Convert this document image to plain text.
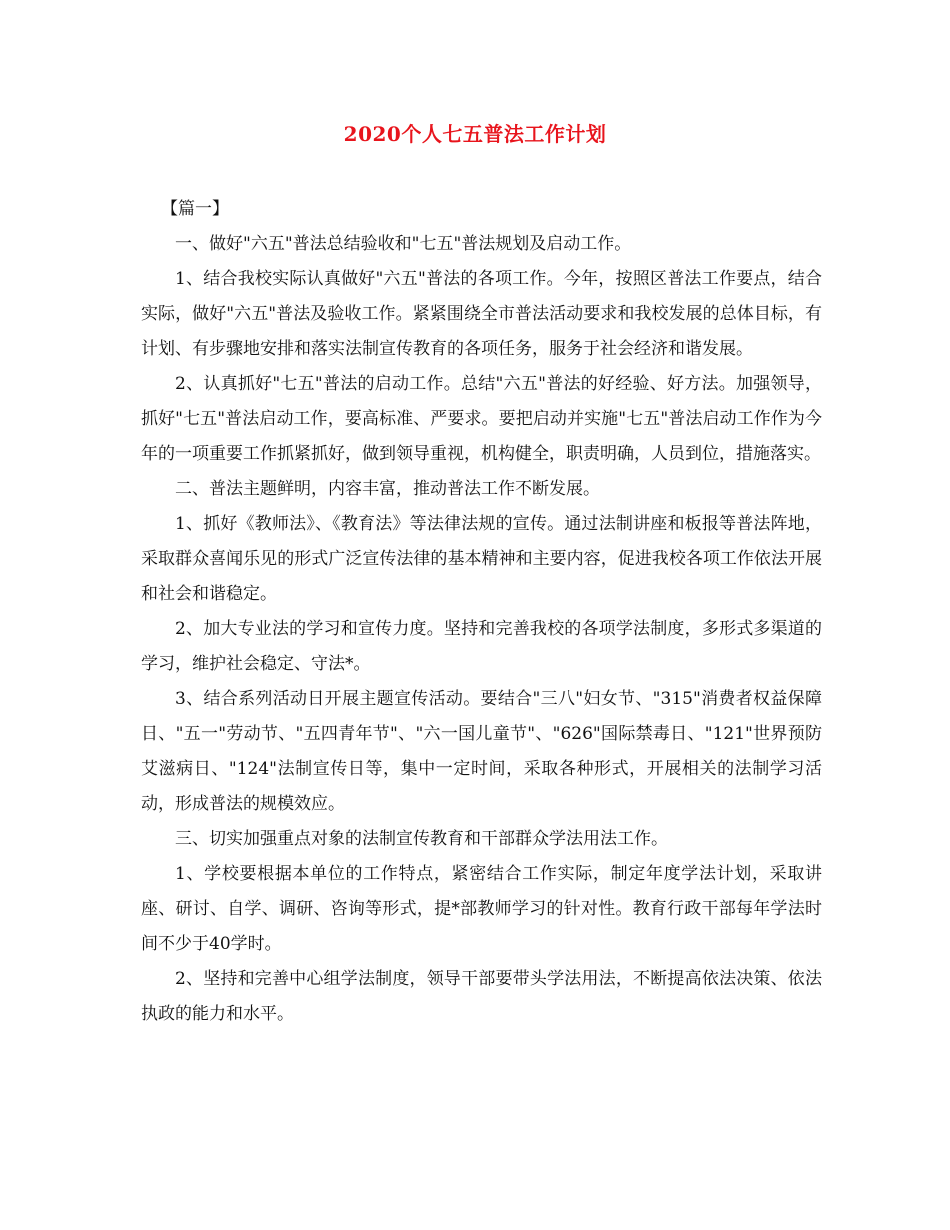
2020个人七五普法工作计划

【篇一】

一、做好"六五"普法总结验收和"七五"普法规划及启动工作。

1、结合我校实际认真做好"六五"普法的各项工作。今年，按照区普法工作要点，结合实际，做好"六五"普法及验收工作。紧紧围绕全市普法活动要求和我校发展的总体目标，有计划、有步骤地安排和落实法制宣传教育的各项任务，服务于社会经济和谐发展。

2、认真抓好"七五"普法的启动工作。总结"六五"普法的好经验、好方法。加强领导，抓好"七五"普法启动工作，要高标准、严要求。要把启动并实施"七五"普法启动工作作为今年的一项重要工作抓紧抓好，做到领导重视，机构健全，职责明确，人员到位，措施落实。

二、普法主题鲜明，内容丰富，推动普法工作不断发展。

1、抓好《教师法》、《教育法》等法律法规的宣传。通过法制讲座和板报等普法阵地，采取群众喜闻乐见的形式广泛宣传法律的基本精神和主要内容，促进我校各项工作依法开展和社会和谐稳定。

2、加大专业法的学习和宣传力度。坚持和完善我校的各项学法制度，多形式多渠道的学习，维护社会稳定、守法*。

3、结合系列活动日开展主题宣传活动。要结合"三八"妇女节、"315"消费者权益保障日、"五一"劳动节、"五四青年节"、"六一国儿童节"、"626"国际禁毒日、"121"世界预防艾滋病日、"124"法制宣传日等，集中一定时间，采取各种形式，开展相关的法制学习活动，形成普法的规模效应。

三、切实加强重点对象的法制宣传教育和干部群众学法用法工作。

1、学校要根据本单位的工作特点，紧密结合工作实际，制定年度学法计划，采取讲座、研讨、自学、调研、咨询等形式，提*部教师学习的针对性。教育行政干部每年学法时间不少于40学时。

2、坚持和完善中心组学法制度，领导干部要带头学法用法，不断提高依法决策、依法执政的能力和水平。
